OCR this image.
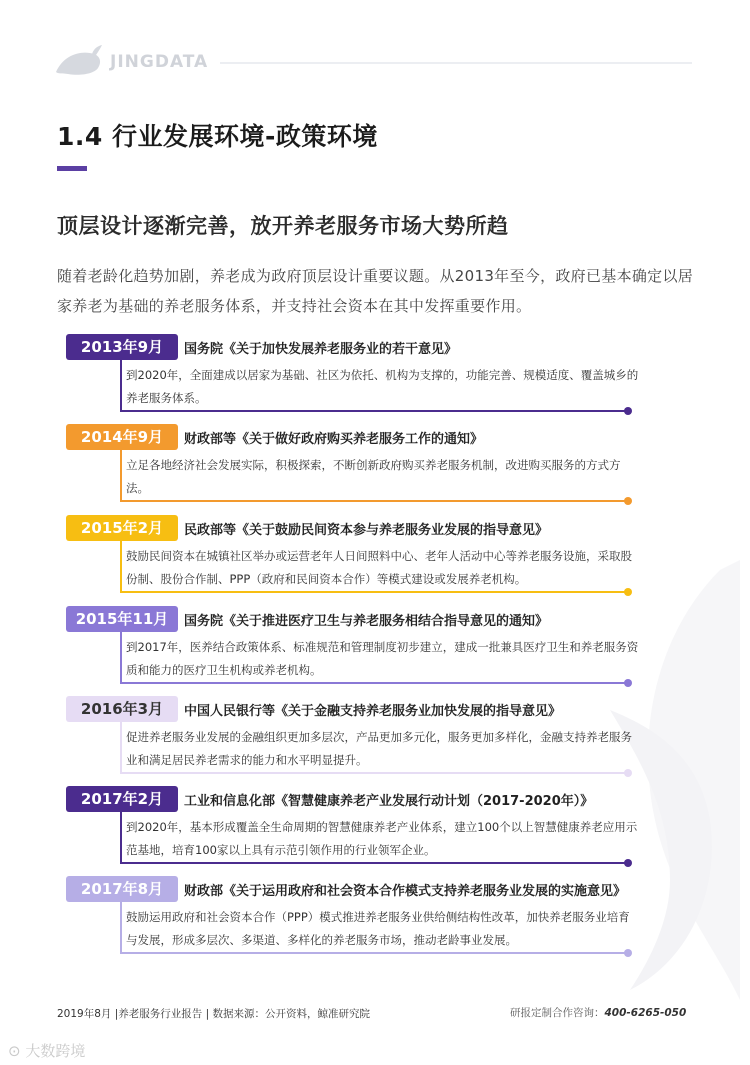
JINGDATA
1.4 行业发展环境-政策环境
顶层设计逐渐完善，放开养老服务市场大势所趋
随着老龄化趋势加剧，养老成为政府顶层设计重要议题。从2013年至今，政府已基本确定以居家养老为基础的养老服务体系，并支持社会资本在其中发挥重要作用。
2013年9月	国务院《关于加快发展养老服务业的若干意见》
到2020年，全面建成以居家为基础、社区为依托、机构为支撑的，功能完善、规模适度、覆盖城乡的养老服务体系。
2014年9月	财政部等《关于做好政府购买养老服务工作的通知》
立足各地经济社会发展实际，积极探索，不断创新政府购买养老服务机制，改进购买服务的方式方法。
2015年2月	民政部等《关于鼓励民间资本参与养老服务业发展的指导意见》
鼓励民间资本在城镇社区举办或运营老年人日间照料中心、老年人活动中心等养老服务设施，采取股份制、股份合作制、PPP（政府和民间资本合作）等模式建设或发展养老机构。
2015年11月	国务院《关于推进医疗卫生与养老服务相结合指导意见的通知》
到2017年，医养结合政策体系、标准规范和管理制度初步建立，建成一批兼具医疗卫生和养老服务资质和能力的医疗卫生机构或养老机构。
2016年3月	中国人民银行等《关于金融支持养老服务业加快发展的指导意见》
促进养老服务业发展的金融组织更加多层次，产品更加多元化，服务更加多样化，金融支持养老服务业和满足居民养老需求的能力和水平明显提升。
2017年2月	工业和信息化部《智慧健康养老产业发展行动计划（2017-2020年）》
到2020年，基本形成覆盖全生命周期的智慧健康养老产业体系，建立100个以上智慧健康养老应用示范基地，培育100家以上具有示范引领作用的行业领军企业。
2017年8月	财政部《关于运用政府和社会资本合作模式支持养老服务业发展的实施意见》
鼓励运用政府和社会资本合作（PPP）模式推进养老服务业供给侧结构性改革，加快养老服务业培育与发展，形成多层次、多渠道、多样化的养老服务市场，推动老龄事业发展。
2019年8月 |养老服务行业报告 | 数据来源：公开资料，鲸准研究院	研报定制合作咨询：400-6265-050
⊙ 大数跨境
